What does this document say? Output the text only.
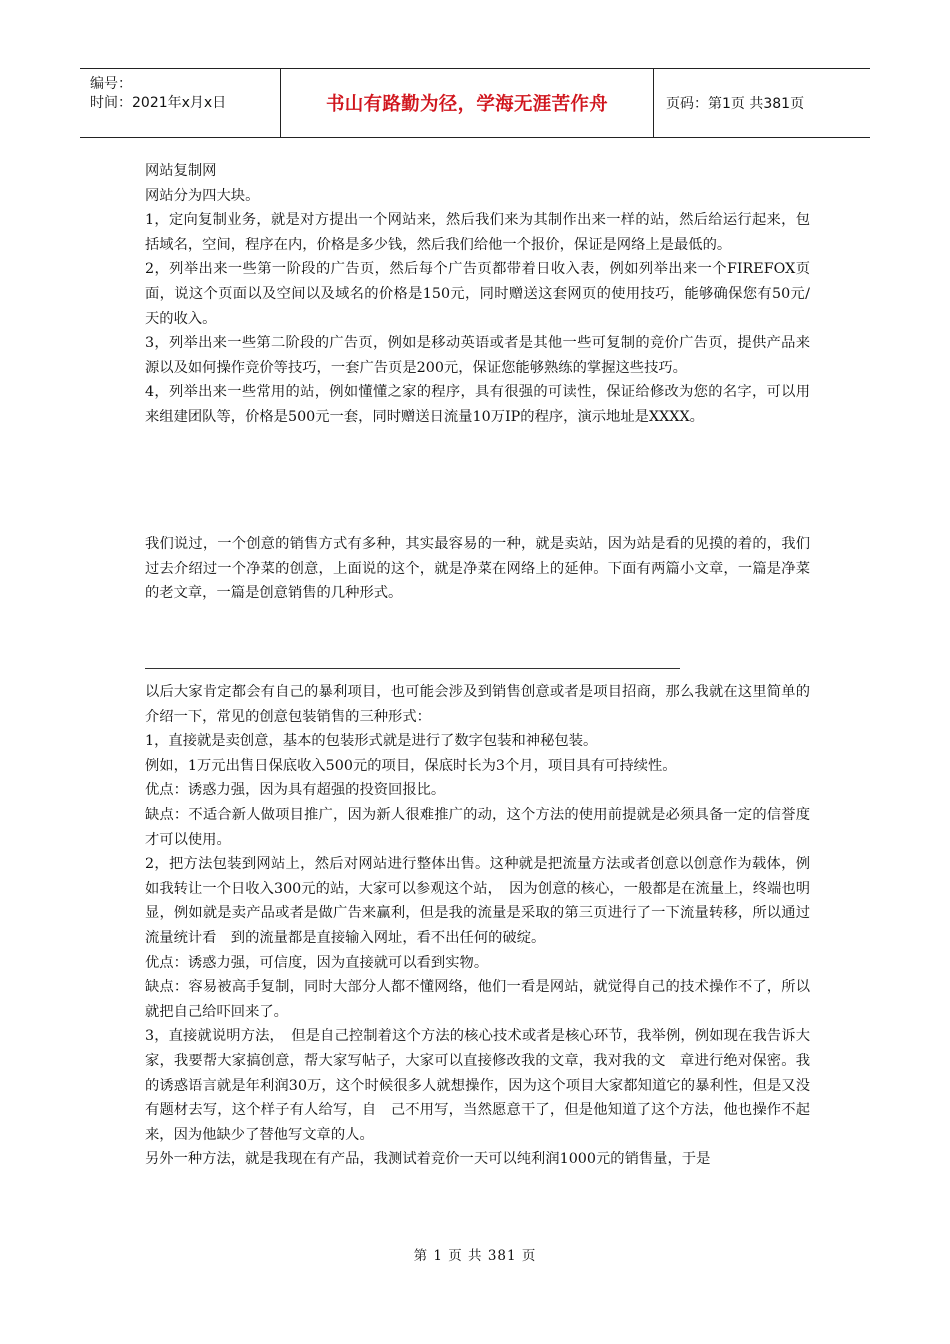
编号：
时间：2021年x月x日	书山有路勤为径，学海无涯苦作舟	页码：第1页 共381页

网站复制网

网站分为四大块。

1，定向复制业务，就是对方提出一个网站来，然后我们来为其制作出来一样的站，然后给运行起来，包括域名，空间，程序在内，价格是多少钱，然后我们给他一个报价，保证是网络上是最低的。

2，列举出来一些第一阶段的广告页，然后每个广告页都带着日收入表，例如列举出来一个FIREFOX页面，说这个页面以及空间以及域名的价格是150元，同时赠送这套网页的使用技巧，能够确保您有50元/天的收入。

3，列举出来一些第二阶段的广告页，例如是移动英语或者是其他一些可复制的竞价广告页，提供产品来源以及如何操作竞价等技巧，一套广告页是200元，保证您能够熟练的掌握这些技巧。

4，列举出来一些常用的站，例如懂懂之家的程序，具有很强的可读性，保证给修改为您的名字，可以用来组建团队等，价格是500元一套，同时赠送日流量10万IP的程序，演示地址是XXXX。

我们说过，一个创意的销售方式有多种，其实最容易的一种，就是卖站，因为站是看的见摸的着的，我们过去介绍过一个净菜的创意，上面说的这个，就是净菜在网络上的延伸。下面有两篇小文章，一篇是净菜的老文章，一篇是创意销售的几种形式。

以后大家肯定都会有自己的暴利项目，也可能会涉及到销售创意或者是项目招商，那么我就在这里简单的介绍一下，常见的创意包装销售的三种形式：

1，直接就是卖创意，基本的包装形式就是进行了数字包装和神秘包装。

例如，1万元出售日保底收入500元的项目，保底时长为3个月，项目具有可持续性。

优点：诱惑力强，因为具有超强的投资回报比。

缺点：不适合新人做项目推广，因为新人很难推广的动，这个方法的使用前提就是必须具备一定的信誉度才可以使用。

2，把方法包装到网站上，然后对网站进行整体出售。这种就是把流量方法或者创意以创意作为载体，例如我转让一个日收入300元的站，大家可以参观这个站，　因为创意的核心，一般都是在流量上，终端也明显，例如就是卖产品或者是做广告来赢利，但是我的流量是采取的第三页进行了一下流量转移，所以通过流量统计看　到的流量都是直接输入网址，看不出任何的破绽。

优点：诱惑力强，可信度，因为直接就可以看到实物。

缺点：容易被高手复制，同时大部分人都不懂网络，他们一看是网站，就觉得自己的技术操作不了，所以就把自己给吓回来了。

3，直接就说明方法，　但是自己控制着这个方法的核心技术或者是核心环节，我举例，例如现在我告诉大家，我要帮大家搞创意，帮大家写帖子，大家可以直接修改我的文章，我对我的文　章进行绝对保密。我的诱惑语言就是年利润30万，这个时候很多人就想操作，因为这个项目大家都知道它的暴利性，但是又没有题材去写，这个样子有人给写，自　己不用写，当然愿意干了，但是他知道了这个方法，他也操作不起来，因为他缺少了替他写文章的人。

另外一种方法，就是我现在有产品，我测试着竞价一天可以纯利润1000元的销售量，于是

第 1 页 共 381 页
